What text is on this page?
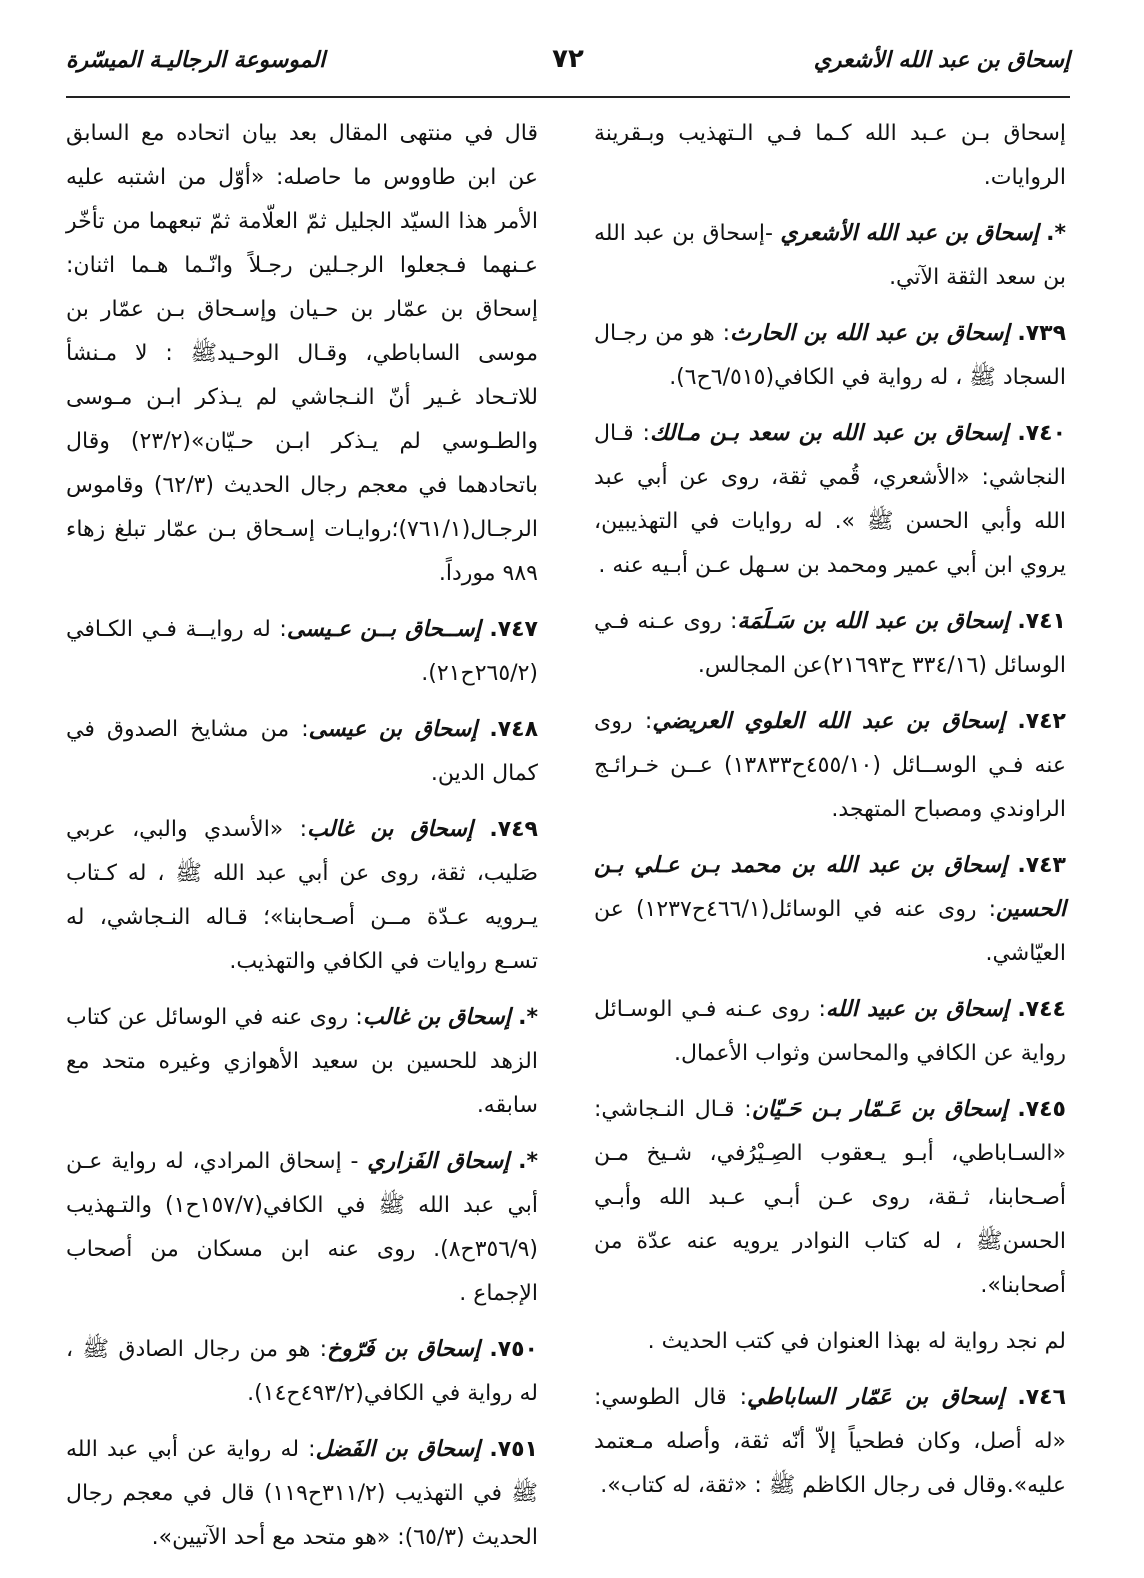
إسحاق بن عبد الله الأشعري
٧٢
الموسوعة الرجاليـة الميسّرة

إسحاق بـن عـبد الله كـما فـي الـتهذيب وبـقرينة الروايات.

*. إسحاق بن عبد الله الأشعري -إسحاق بن عبد الله بن سعد الثقة الآتي.

٧٣٩. إسحاق بن عبد الله بن الحارث: هو من رجـال السجاد ﷺ ، له رواية في الكافي(٦/٥١٥ح٦).

٧٤٠. إسحاق بن عبد الله بن سعد بـن مـالك: قـال النجاشي: «الأشعري، قُمي ثقة، روى عن أبي عبد الله وأبي الحسن ﷺ ». له روايات في التهذيبين، يروي ابن أبي عمير ومحمد بن سـهل عـن أبـيه عنه .

٧٤١. إسحاق بن عبد الله بن سَـلَمَة: روى عـنه فـي الوسائل (٣٣٤/١٦ ح٢١٦٩٣)عن المجالس.

٧٤٢. إسحاق بن عبد الله العلوي العريضي: روى عنه فـي الوســائل (٤٥٥/١٠ح١٣٨٣٣) عــن خـرائـج الراوندي ومصباح المتهجد.

٧٤٣. إسحاق بن عبد الله بن محمد بـن عـلي بـن الحسين: روى عنه في الوسائل(٤٦٦/١ح١٢٣٧) عن العيّاشي.

٧٤٤. إسحاق بن عبيد الله: روى عـنه فـي الوسـائل رواية عن الكافي والمحاسن وثواب الأعمال.

٧٤٥. إسحاق بن عَـمّار بـن حَـيّان: قـال النـجاشي: «السـاباطي، أبـو يـعقوب الصِـيْرُفي، شـيخ مـن أصـحابنا، ثـقة، روى عـن أبـي عـبد الله وأبـي الحسنﷺ ، له كتاب النوادر يرويه عنه عدّة من أصحابنا».

لم نجد رواية له بهذا العنوان في كتب الحديث .

٧٤٦. إسحاق بن عَمّار الساباطي: قال الطوسي: «له أصل، وكان فطحياً إلاّ أنّه ثقة، وأصله مـعتمد عليه».وقال فى رجال الكاظم ﷺ : «ثقة، له كتاب».

قال في منتهى المقال بعد بيان اتحاده مع السابق عن ابن طاووس ما حاصله: «أوّل من اشتبه عليه الأمر هذا السيّد الجليل ثمّ العلّامة ثمّ تبعهما من تأخّر عـنهما فـجعلوا الرجـلين رجـلاً وانّـما هـما اثنان: إسحاق بن عمّار بن حـيان وإسـحاق بـن عمّار بن موسى الساباطي، وقـال الوحـيدﷺ : لا مـنشأ للاتـحاد غـير أنّ النـجاشي لم يـذكر ابـن مـوسى والطـوسي لم يـذكر ابـن حـيّان»(٢٣/٢) وقال باتحادهما في معجم رجال الحديث (٦٢/٣) وقاموس الرجـال(٧٦١/١)؛روايـات إسـحاق بـن عمّار تبلغ زهاء ٩٨٩ مورداً.

٧٤٧. إســحاق بــن عـيسى: له روايــة فـي الكـافي (٢٦٥/٢ح٢١).

٧٤٨. إسحاق بن عيسى: من مشايخ الصدوق في كمال الدين.

٧٤٩. إسحاق بن غالب: «الأسدي والبي، عربي صَليب، ثقة، روى عن أبي عبد الله ﷺ ، له كـتاب يـرويه عـدّة مــن أصـحابنا»؛ قـاله النـجاشي، له تسـع روايات في الكافي والتهذيب.

*. إسحاق بن غالب: روى عنه في الوسائل عن كتاب الزهد للحسين بن سعيد الأهوازي وغيره متحد مع سابقه.

*. إسحاق الفَزاري - إسحاق المرادي، له رواية عـن أبي عبد الله ﷺ في الكافي(١٥٧/٧ح١) والتـهذيب (٣٥٦/٩ح٨). روى عنه ابن مسكان من أصحاب الإجماع .

٧٥٠. إسحاق بن فَرّوخ: هو من رجال الصادق ﷺ ، له رواية في الكافي(٤٩٣/٢ح١٤).

٧٥١. إسحاق بن الفَضل: له رواية عن أبي عبد الله ﷺ في التهذيب (٣١١/٢ح١١٩) قال في معجم رجال الحديث (٦٥/٣): «هو متحد مع أحد الآتيين».
